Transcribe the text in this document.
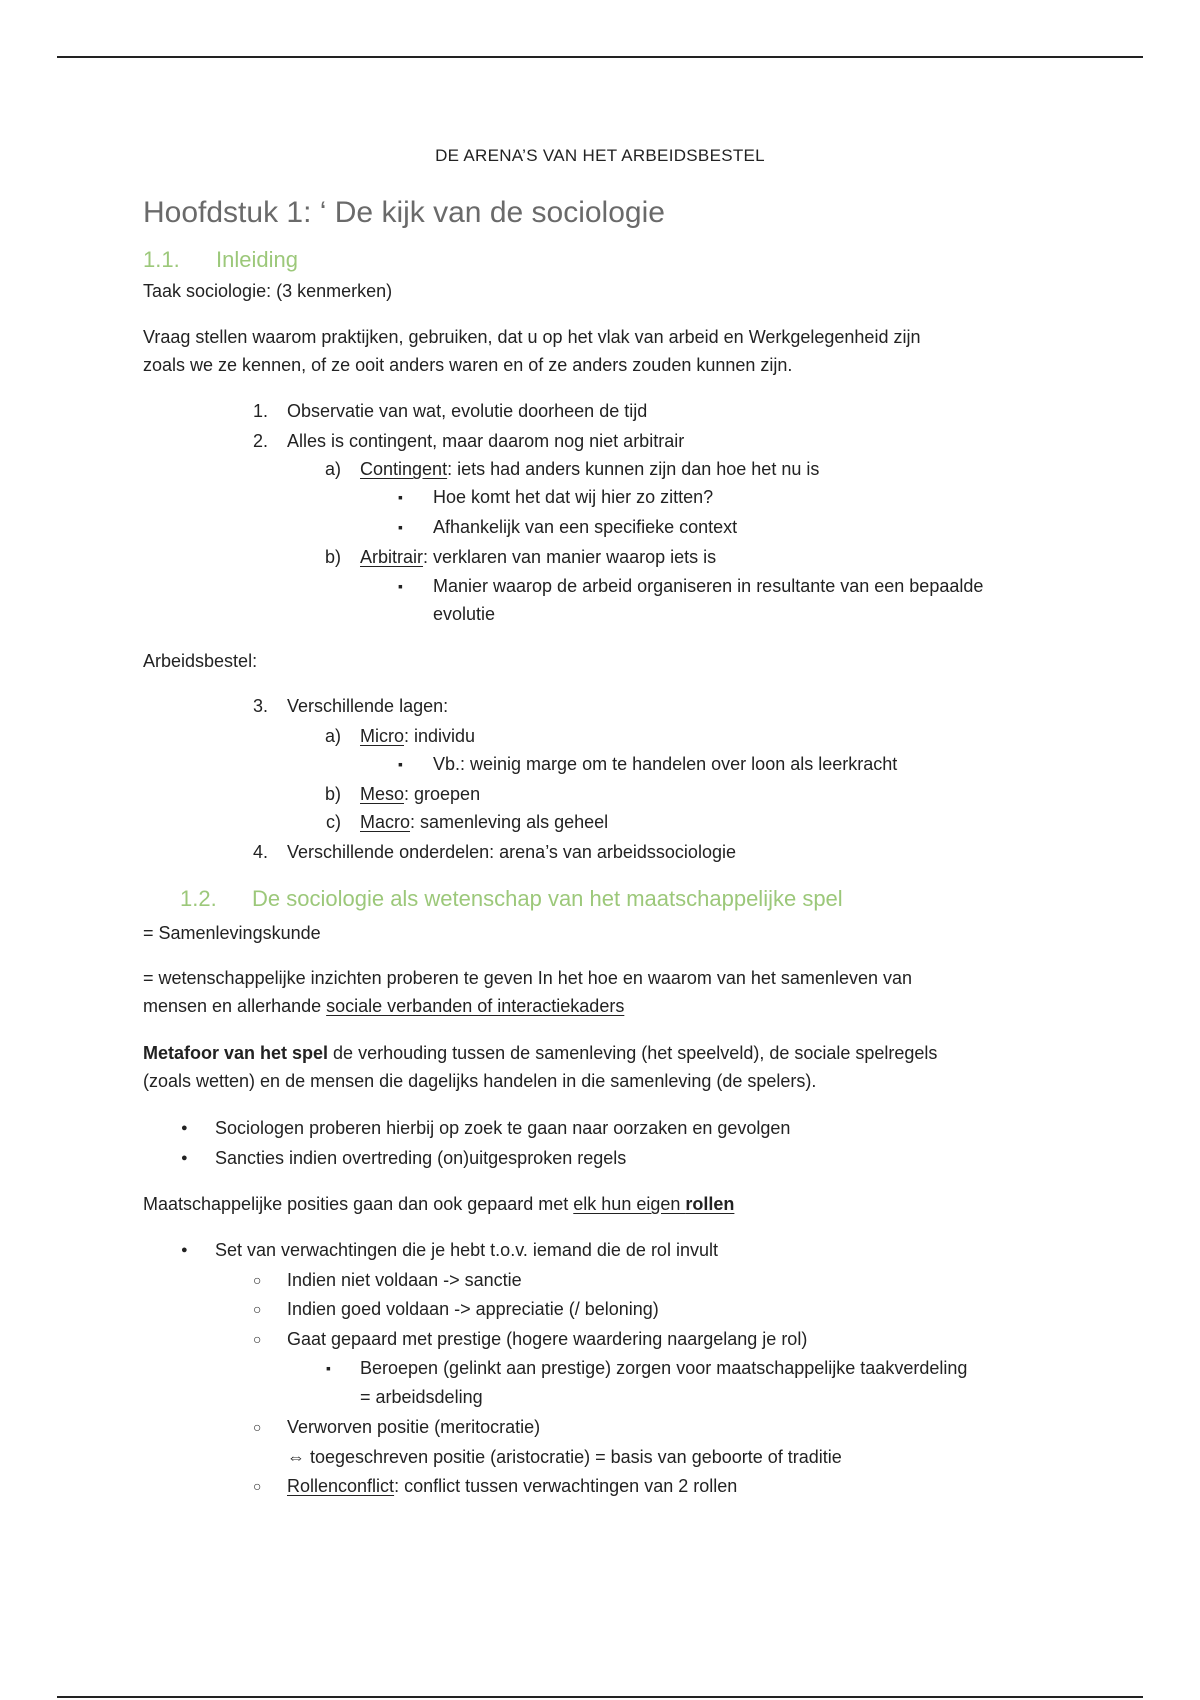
DE ARENA’S VAN HET ARBEIDSBESTEL
Hoofdstuk 1: ‘ De kijk van de sociologie
1.1. Inleiding
Taak sociologie: (3 kenmerken)
Vraag stellen waarom praktijken, gebruiken, dat u op het vlak van arbeid en Werkgelegenheid zijn
zoals we ze kennen, of ze ooit anders waren en of ze anders zouden kunnen zijn.
1. Observatie van wat, evolutie doorheen de tijd
2. Alles is contingent, maar daarom nog niet arbitrair
a) Contingent: iets had anders kunnen zijn dan hoe het nu is
▪ Hoe komt het dat wij hier zo zitten?
▪ Afhankelijk van een specifieke context
b) Arbitrair: verklaren van manier waarop iets is
▪ Manier waarop de arbeid organiseren in resultante van een bepaalde
evolutie
Arbeidsbestel:
3. Verschillende lagen:
a) Micro: individu
▪ Vb.: weinig marge om te handelen over loon als leerkracht
b) Meso: groepen
c) Macro: samenleving als geheel
4. Verschillende onderdelen: arena’s van arbeidssociologie
1.2. De sociologie als wetenschap van het maatschappelijke spel
= Samenlevingskunde
= wetenschappelijke inzichten proberen te geven In het hoe en waarom van het samenleven van
mensen en allerhande sociale verbanden of interactiekaders
Metafoor van het spel de verhouding tussen de samenleving (het speelveld), de sociale spelregels
(zoals wetten) en de mensen die dagelijks handelen in die samenleving (de spelers).
● Sociologen proberen hierbij op zoek te gaan naar oorzaken en gevolgen
● Sancties indien overtreding (on)uitgesproken regels
Maatschappelijke posities gaan dan ook gepaard met elk hun eigen rollen
● Set van verwachtingen die je hebt t.o.v. iemand die de rol invult
○ Indien niet voldaan -> sanctie
○ Indien goed voldaan -> appreciatie (/ beloning)
○ Gaat gepaard met prestige (hogere waardering naargelang je rol)
▪ Beroepen (gelinkt aan prestige) zorgen voor maatschappelijke taakverdeling
= arbeidsdeling
○ Verworven positie (meritocratie)
⇔ toegeschreven positie (aristocratie) = basis van geboorte of traditie
○ Rollenconflict: conflict tussen verwachtingen van 2 rollen
